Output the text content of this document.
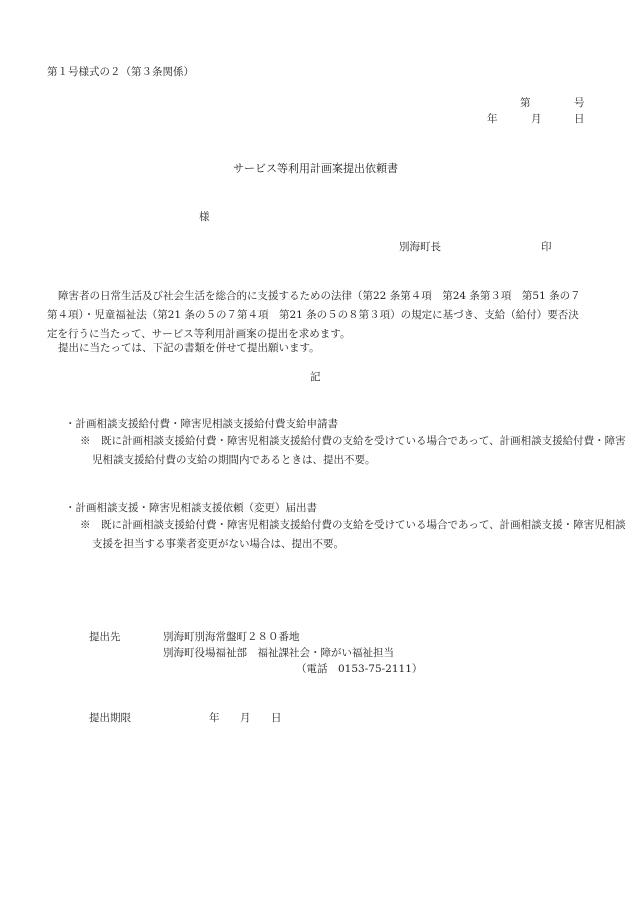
第１号様式の２（第３条関係）
第	号
年	月	日
サービス等利用計画案提出依頼書
様
別海町長	印
障害者の日常生活及び社会生活を総合的に支援するための法律（第22 条第４項　第24 条第３項　第51 条の７第４項）・児童福祉法（第21 条の５の７第４項　第21 条の５の８第３項）の規定に基づき、支給（給付）要否決定を行うに当たって、サービス等利用計画案の提出を求めます。
提出に当たっては、下記の書類を併せて提出願います。
記
・計画相談支援給付費・障害児相談支援給付費支給申請書
※　既に計画相談支援給付費・障害児相談支援給付費の支給を受けている場合であって、計画相談支援給付費・障害児相談支援給付費の支給の期間内であるときは、提出不要。
・計画相談支援・障害児相談支援依頼（変更）届出書
※　既に計画相談支援給付費・障害児相談支援給付費の支給を受けている場合であって、計画相談支援・障害児相談支援を担当する事業者変更がない場合は、提出不要。
提出先	別海町別海常盤町２８０番地
別海町役場福祉部　福祉課社会・障がい福祉担当
（電話　0153-75-2111）
提出期限	年 月 日
